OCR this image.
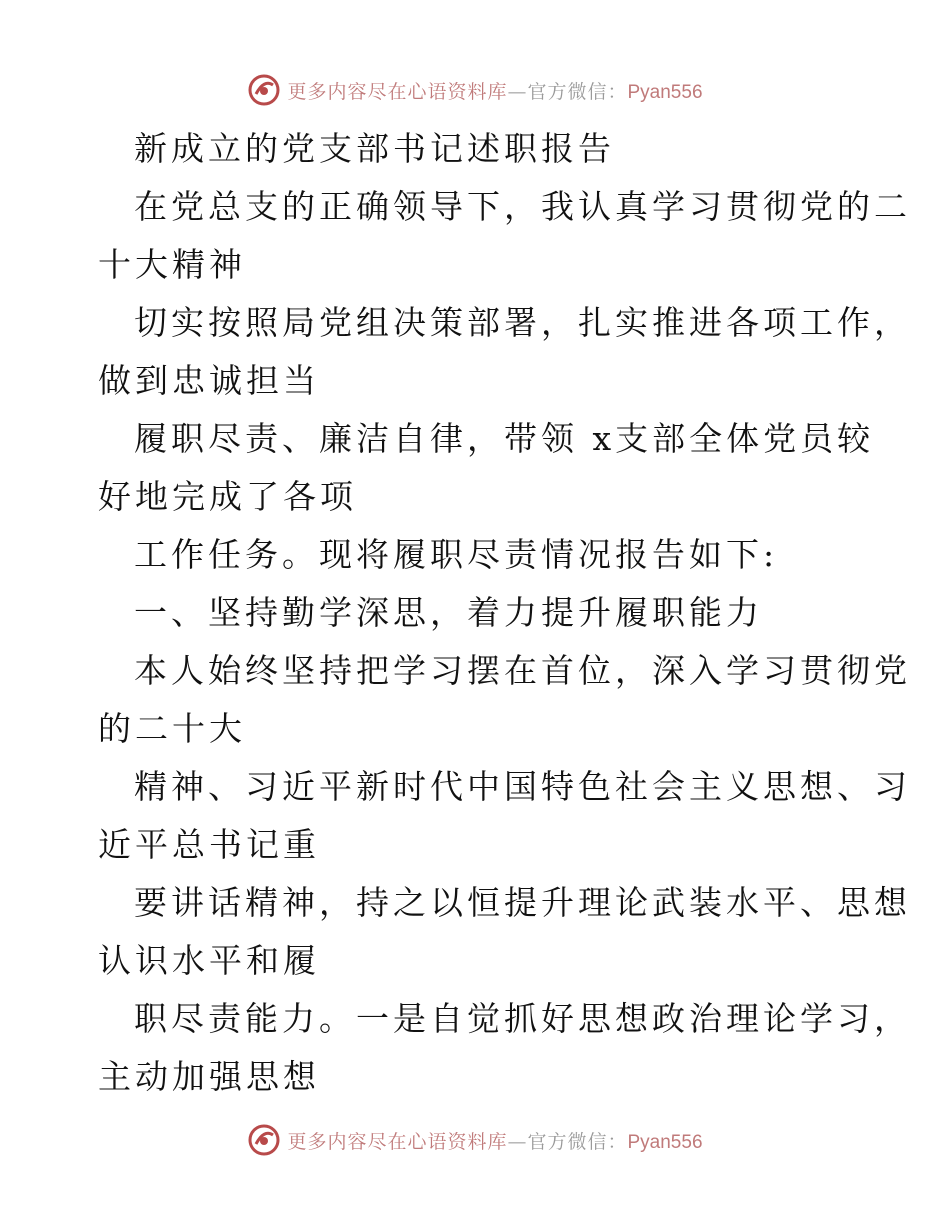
更多内容尽在心语资料库—官方微信：Pyan556

新成立的党支部书记述职报告

在党总支的正确领导下，我认真学习贯彻党的二

十大精神

切实按照局党组决策部署，扎实推进各项工作，

做到忠诚担当

履职尽责、廉洁自律，带领 x支部全体党员较

好地完成了各项

工作任务。现将履职尽责情况报告如下:

一、坚持勤学深思，着力提升履职能力

本人始终坚持把学习摆在首位，深入学习贯彻党

的二十大

精神、习近平新时代中国特色社会主义思想、习

近平总书记重

要讲话精神，持之以恒提升理论武装水平、思想

认识水平和履

职尽责能力。一是自觉抓好思想政治理论学习，

主动加强思想

更多内容尽在心语资料库—官方微信：Pyan556
